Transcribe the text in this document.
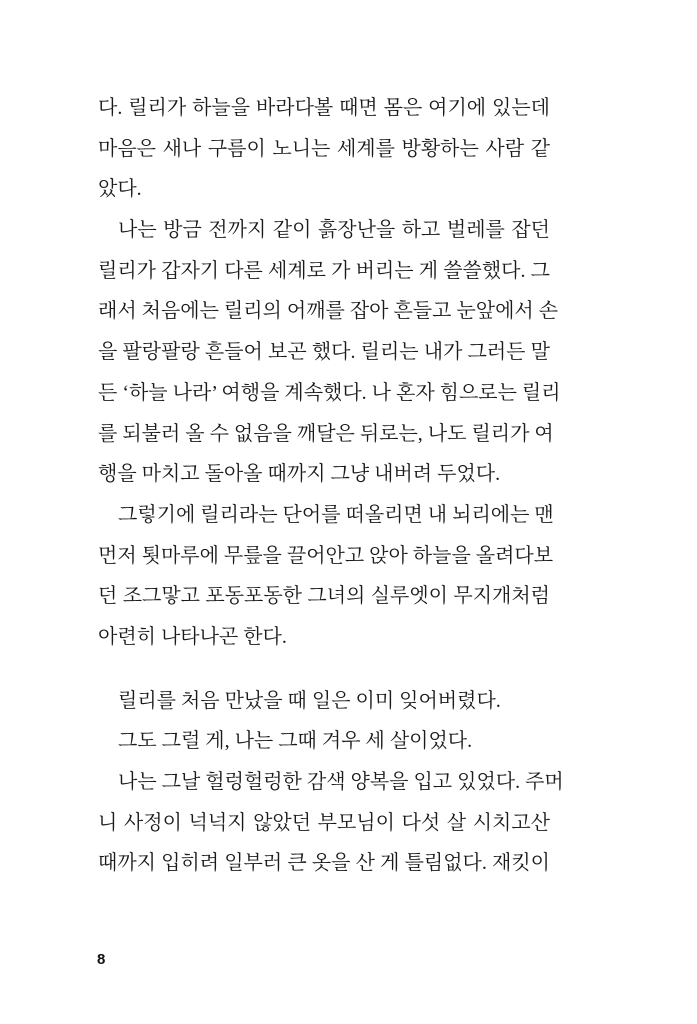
다. 릴리가 하늘을 바라다볼 때면 몸은 여기에 있는데
마음은 새나 구름이 노니는 세계를 방황하는 사람 같
았다.
나는 방금 전까지 같이 흙장난을 하고 벌레를 잡던
릴리가 갑자기 다른 세계로 가 버리는 게 쓸쓸했다. 그
래서 처음에는 릴리의 어깨를 잡아 흔들고 눈앞에서 손
을 팔랑팔랑 흔들어 보곤 했다. 릴리는 내가 그러든 말
든 ‘하늘 나라’ 여행을 계속했다. 나 혼자 힘으로는 릴리
를 되불러 올 수 없음을 깨달은 뒤로는, 나도 릴리가 여
행을 마치고 돌아올 때까지 그냥 내버려 두었다.
그렇기에 릴리라는 단어를 떠올리면 내 뇌리에는 맨
먼저 툇마루에 무릎을 끌어안고 앉아 하늘을 올려다보
던 조그맣고 포동포동한 그녀의 실루엣이 무지개처럼
아련히 나타나곤 한다.
릴리를 처음 만났을 때 일은 이미 잊어버렸다.
그도 그럴 게, 나는 그때 겨우 세 살이었다.
나는 그날 헐렁헐렁한 감색 양복을 입고 있었다. 주머
니 사정이 넉넉지 않았던 부모님이 다섯 살 시치고산
때까지 입히려 일부러 큰 옷을 산 게 틀림없다. 재킷이
8
